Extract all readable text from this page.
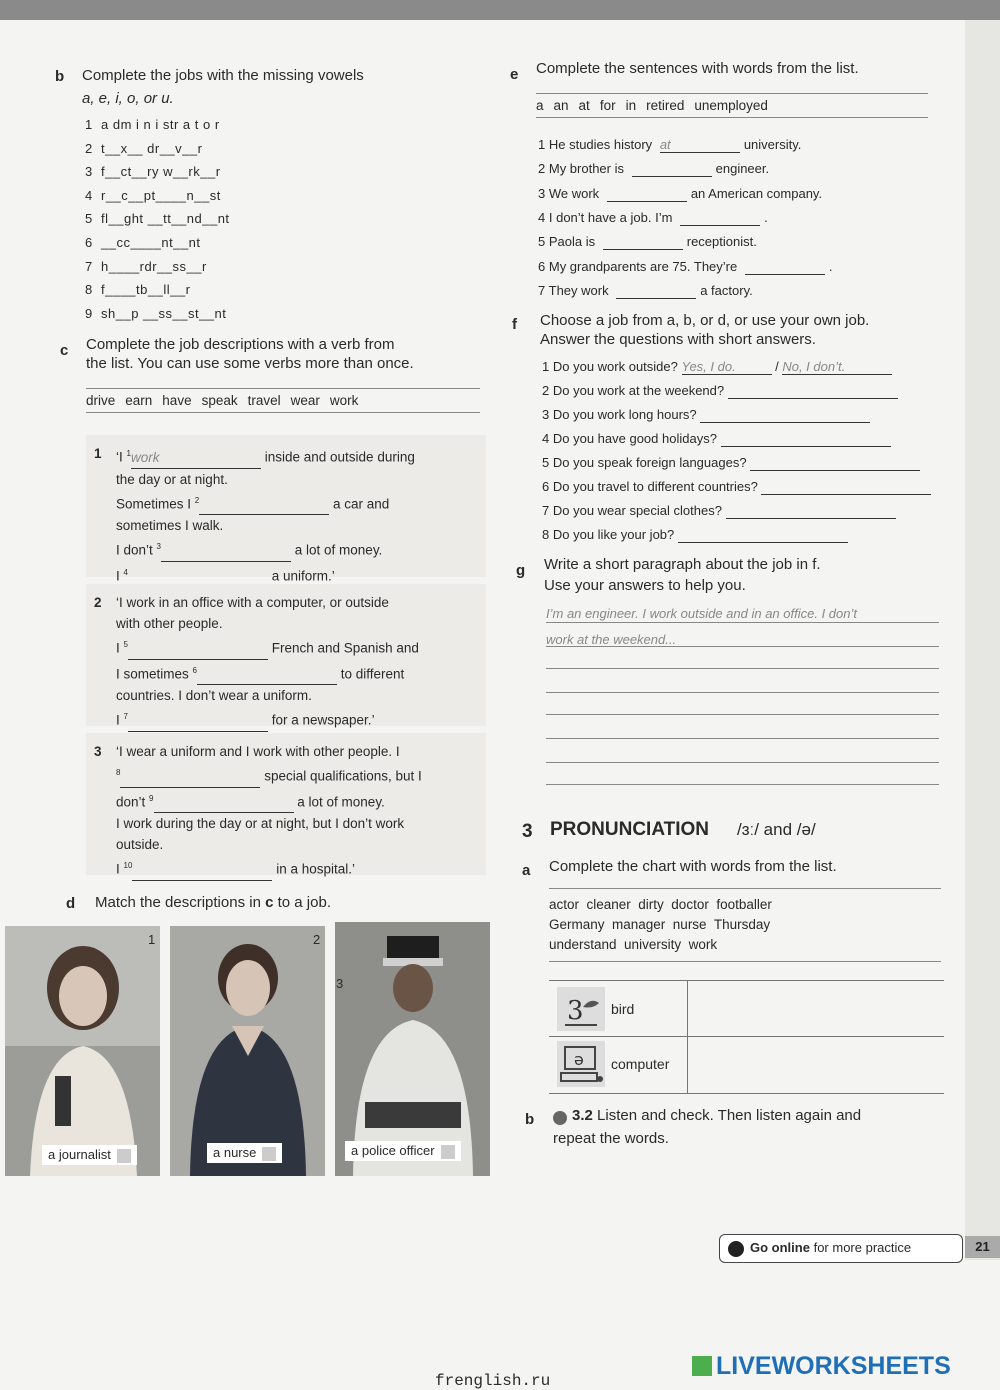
b Complete the jobs with the missing vowels
a, e, i, o, or u.
1 a dm i n i str a t o r
2 t__x__ dr__v__r
3 f__ct__ry w__rk__r
4 r__c__pt____n__st
5 fl__ght __tt__nd__nt
6 __cc____nt__nt
7 h____rdr__ss__r
8 f____tb__ll__r
9 sh__p __ss__st__nt
c Complete the job descriptions with a verb from
the list. You can use some verbs more than once.
drive earn have speak travel wear work
1 ‘I $^1$work	inside and outside during
the day or at night.
Sometimes I $^2$	a car and
sometimes I walk.
I don’t $^3$	a lot of money.
I $^4$	a uniform.’
2 ‘I work in an office with a computer, or outside
with other people.
I $^5$	French and Spanish and
I sometimes $^6$	to different
countries. I don’t wear a uniform.
I $^7$	for a newspaper.’
3 ‘I wear a uniform and I work with other people. I
$^8$	special qualifications, but I
don’t $^9$	a lot of money.
I work during the day or at night, but I don’t work
outside.
I $^{10}$	in a hospital.’
d Match the descriptions in c to a job.
a journalist
1
a nurse
2
a police officer
3
e Complete the sentences with words from the list.
a an at for in retired unemployed
1 He studies history at	university.
2 My brother is	engineer.
3 We work	an American company.
4 I don’t have a job. I’m	.
5 Paola is	receptionist.
6 My grandparents are 75. They’re	.
7 They work	a factory.
f Choose a job from a, b, or d, or use your own job.
Answer the questions with short answers.
1 Do you work outside? Yes, I do.	/ No, I don’t.
2 Do you work at the weekend?
3 Do you work long hours?
4 Do you have good holidays?
5 Do you speak foreign languages?
6 Do you travel to different countries?
7 Do you wear special clothes?
8 Do you like your job?
g Write a short paragraph about the job in f.
Use your answers to help you.
I’m an engineer. I work outside and in an office. I don’t
work at the weekend...
3 PRONUNCIATION /ɜː/ and /ə/
a Complete the chart with words from the list.
actor  cleaner  dirty  doctor  footballer
Germany  manager  nurse  Thursday
understand  university  work
3 bird
ə computer
b	3.2 Listen and check. Then listen again and
repeat the words.
Go online for more practice	21
frenglish.ru
LIVEWORKSHEETS
